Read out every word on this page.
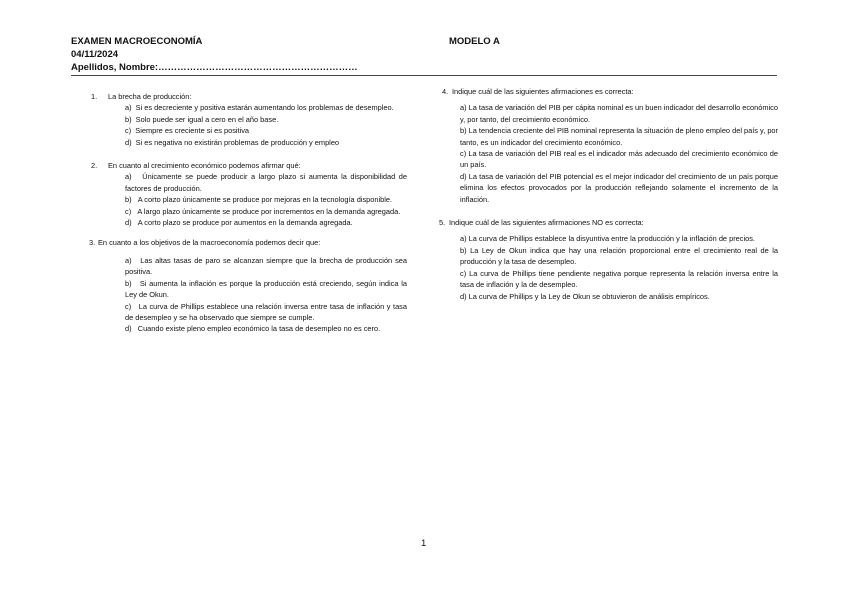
EXAMEN MACROECONOMÍA
04/11/2024
Apellidos, Nombre:………………………………………………………
MODELO A
1.	La brecha de producción:
a)  Si es decreciente y positiva estarán aumentando los problemas de desempleo.
b)  Solo puede ser igual a cero en el año base.
c)  Siempre es creciente si es positiva
d)  Si es negativa no existirán problemas de producción y empleo
2.	En cuanto al crecimiento económico podemos afirmar qué:
a)   Únicamente se puede producir a largo plazo si aumenta la disponibilidad de factores de producción.
b)   A corto plazo únicamente se produce por mejoras en la tecnología disponible.
c)   A largo plazo únicamente se produce por incrementos en la demanda agregada.
d)   A corto plazo se produce por aumentos en la demanda agregada.
3. En cuanto a los objetivos de la macroeconomía podemos decir que:
a)   Las altas tasas de paro se alcanzan siempre que la brecha de producción sea positiva.
b)   Si aumenta la inflación es porque la producción está creciendo, según indica la Ley de Okun.
c)   La curva de Phillips establece una relación inversa entre tasa de inflación y tasa de desempleo y se ha observado que siempre se cumple.
d)   Cuando existe pleno empleo económico la tasa de desempleo no es cero.
4. Indique cuál de las siguientes afirmaciones es correcta:
a) La tasa de variación del PIB per cápita nominal es un buen indicador del desarrollo económico y, por tanto, del crecimiento económico.
b) La tendencia creciente del PIB nominal representa la situación de pleno empleo del país y, por tanto, es un indicador del crecimiento económico.
c) La tasa de variación del PIB real es el indicador más adecuado del crecimiento económico de un país.
d) La tasa de variación del PIB potencial es el mejor indicador del crecimiento de un país porque elimina los efectos provocados por la producción reflejando solamente el incremento de la inflación.
5. Indique cuál de las siguientes afirmaciones NO es correcta:
a) La curva de Phillips establece la disyuntiva entre la producción y la inflación de precios.
b) La Ley de Okun indica que hay una relación proporcional entre el crecimiento real de la producción y la tasa de desempleo.
c) La curva de Phillips tiene pendiente negativa porque representa la relación inversa entre la tasa de inflación y la de desempleo.
d) La curva de Phillips y la Ley de Okun se obtuvieron de análisis empíricos.
1
